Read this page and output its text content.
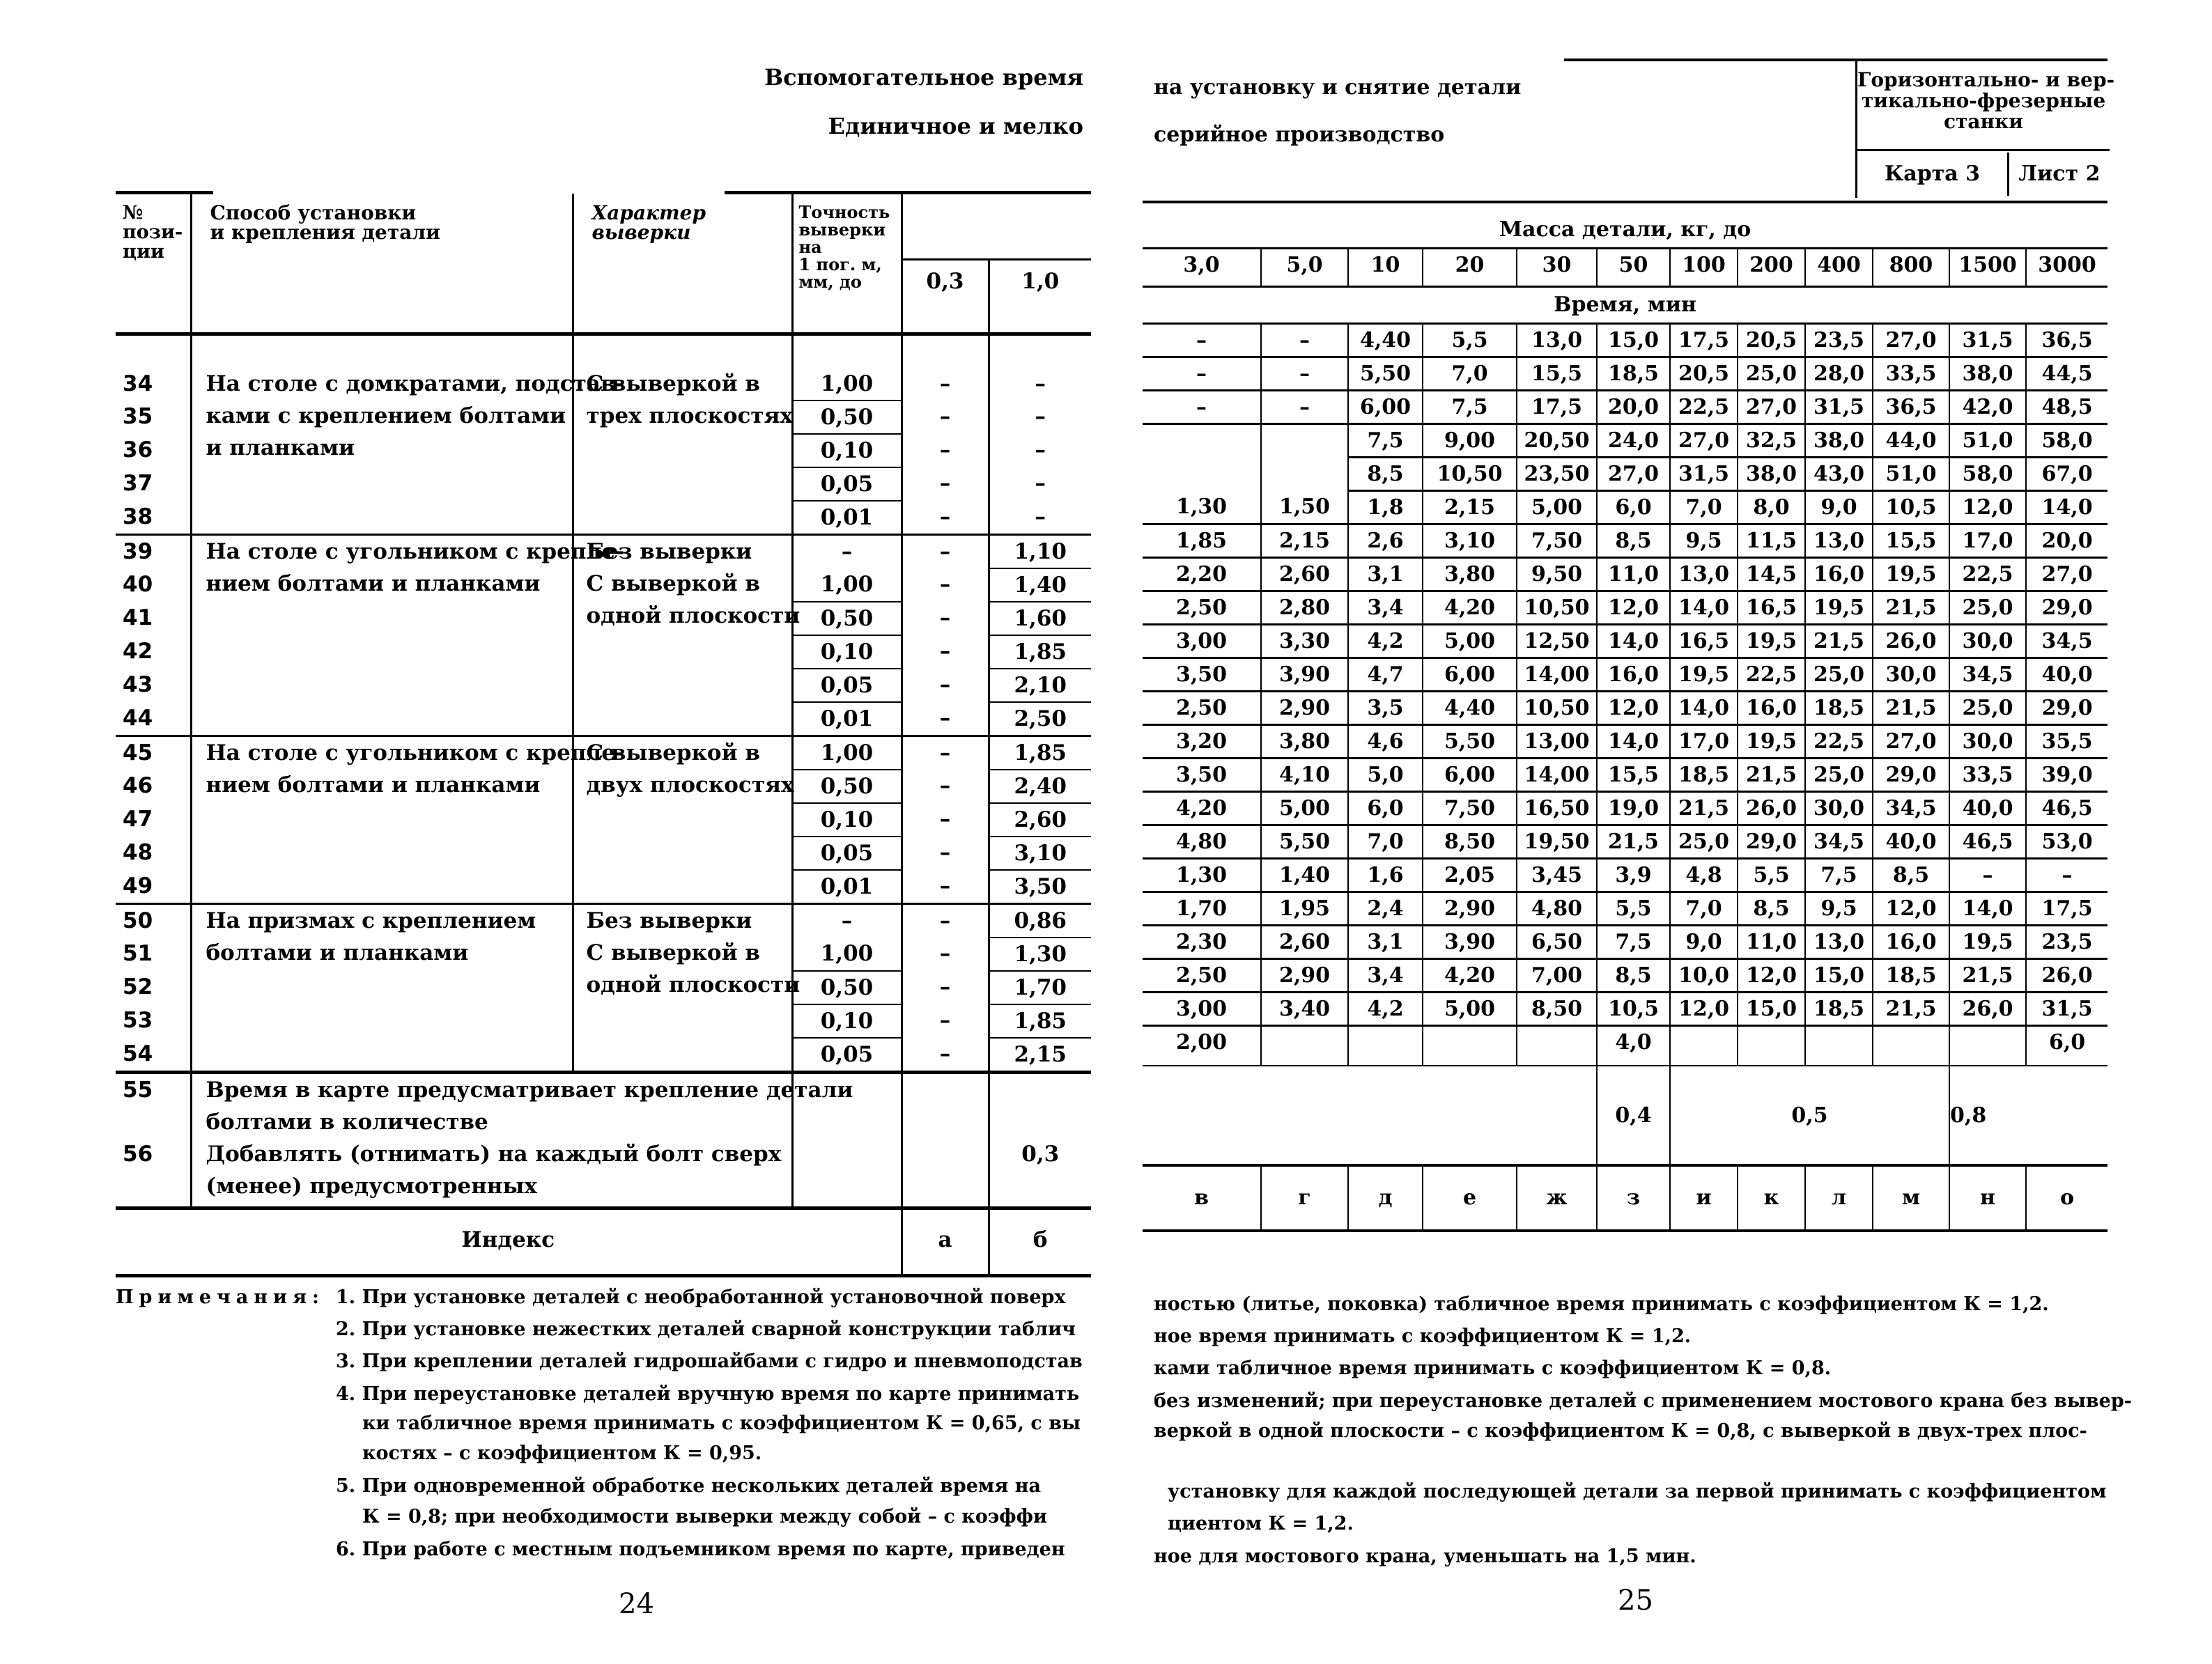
Вспомогательное время
Единичное и мелко
№
пози-
ции	Способ установки
и крепления детали	Характер
выверки	Точность
выверки
на
1 пог. м,
мм, до		
				0,3	1,0

34	На столе с домкратами, подстав-
ками с креплением болтами
и планками	С выверкой в
трех плоскостях	1,00	–	–
35			0,50	–	–
36			0,10	–	–
37			0,05	–	–
38			0,01	–	–
39	На столе с угольником с крепле-
нием болтами и планками	Без выверки
С выверкой в
одной плоскости	–	–	1,10
40			1,00	–	1,40
41			0,50	–	1,60
42			0,10	–	1,85
43			0,05	–	2,10
44			0,01	–	2,50
45	На столе с угольником с крепле-
нием болтами и планками	С выверкой в
двух плоскостях	1,00	–	1,85
46			0,50	–	2,40
47			0,10	–	2,60
48			0,05	–	3,10
49			0,01	–	3,50
50	На призмах с креплением
болтами и планками	Без выверки
С выверкой в
одной плоскости	–	–	0,86
51			1,00	–	1,30
52			0,50	–	1,70
53			0,10	–	1,85
54			0,05	–	2,15
55	Время в карте предусматривает крепление детали
болтами в количестве				
56	Добавлять (отнимать) на каждый болт сверх
(менее) предусмотренных				0,3
Индекс				а	б
на установку и снятие детали
серийное производство
Горизонтально- и вер-
тикально-фрезерные
станки
Карта 3	Лист 2
Масса детали, кг, до											
3,0	5,0	10	20	30	50	100	200	400	800	1500	3000
Время, мин											
–	–	4,40	5,5	13,0	15,0	17,5	20,5	23,5	27,0	31,5	36,5
–	–	5,50	7,0	15,5	18,5	20,5	25,0	28,0	33,5	38,0	44,5
–	–	6,00	7,5	17,5	20,0	22,5	27,0	31,5	36,5	42,0	48,5
		7,5	9,00	20,50	24,0	27,0	32,5	38,0	44,0	51,0	58,0
		8,5	10,50	23,50	27,0	31,5	38,0	43,0	51,0	58,0	67,0
1,30	1,50	1,8	2,15	5,00	6,0	7,0	8,0	9,0	10,5	12,0	14,0
1,85	2,15	2,6	3,10	7,50	8,5	9,5	11,5	13,0	15,5	17,0	20,0
2,20	2,60	3,1	3,80	9,50	11,0	13,0	14,5	16,0	19,5	22,5	27,0
2,50	2,80	3,4	4,20	10,50	12,0	14,0	16,5	19,5	21,5	25,0	29,0
3,00	3,30	4,2	5,00	12,50	14,0	16,5	19,5	21,5	26,0	30,0	34,5
3,50	3,90	4,7	6,00	14,00	16,0	19,5	22,5	25,0	30,0	34,5	40,0
2,50	2,90	3,5	4,40	10,50	12,0	14,0	16,0	18,5	21,5	25,0	29,0
3,20	3,80	4,6	5,50	13,00	14,0	17,0	19,5	22,5	27,0	30,0	35,5
3,50	4,10	5,0	6,00	14,00	15,5	18,5	21,5	25,0	29,0	33,5	39,0
4,20	5,00	6,0	7,50	16,50	19,0	21,5	26,0	30,0	34,5	40,0	46,5
4,80	5,50	7,0	8,50	19,50	21,5	25,0	29,0	34,5	40,0	46,5	53,0
1,30	1,40	1,6	2,05	3,45	3,9	4,8	5,5	7,5	8,5	–	–
1,70	1,95	2,4	2,90	4,80	5,5	7,0	8,5	9,5	12,0	14,0	17,5
2,30	2,60	3,1	3,90	6,50	7,5	9,0	11,0	13,0	16,0	19,5	23,5
2,50	2,90	3,4	4,20	7,00	8,5	10,0	12,0	15,0	18,5	21,5	26,0
3,00	3,40	4,2	5,00	8,50	10,5	12,0	15,0	18,5	21,5	26,0	31,5
2,00					4,0						6,0
					0,4	0,5				0,8	
в	г	д	е	ж	з	и	к	л	м	н	о
Примечания: 1. При установке деталей с необработанной установочной поверх
2. При установке нежестких деталей сварной конструкции таблич
3. При креплении деталей гидрошайбами с гидро и пневмоподстав
4. При переустановке деталей вручную время по карте принимать
ки табличное время принимать с коэффициентом К = 0,65, с вы
костях – с коэффициентом К = 0,95.
5. При одновременной обработке нескольких деталей время на
К = 0,8; при необходимости выверки между собой – с коэффи
6. При работе с местным подъемником время по карте, приведен
ностью (литье, поковка) табличное время принимать с коэффициентом К = 1,2.
ное время принимать с коэффициентом К = 1,2.
ками табличное время принимать с коэффициентом К = 0,8.
без изменений; при переустановке деталей с применением мостового крана без вывер-
веркой в одной плоскости – с коэффициентом К = 0,8, с выверкой в двух-трех плос-
установку для каждой последующей детали за первой принимать с коэффициентом
циентом К = 1,2.
ное для мостового крана, уменьшать на 1,5 мин.
24	25
